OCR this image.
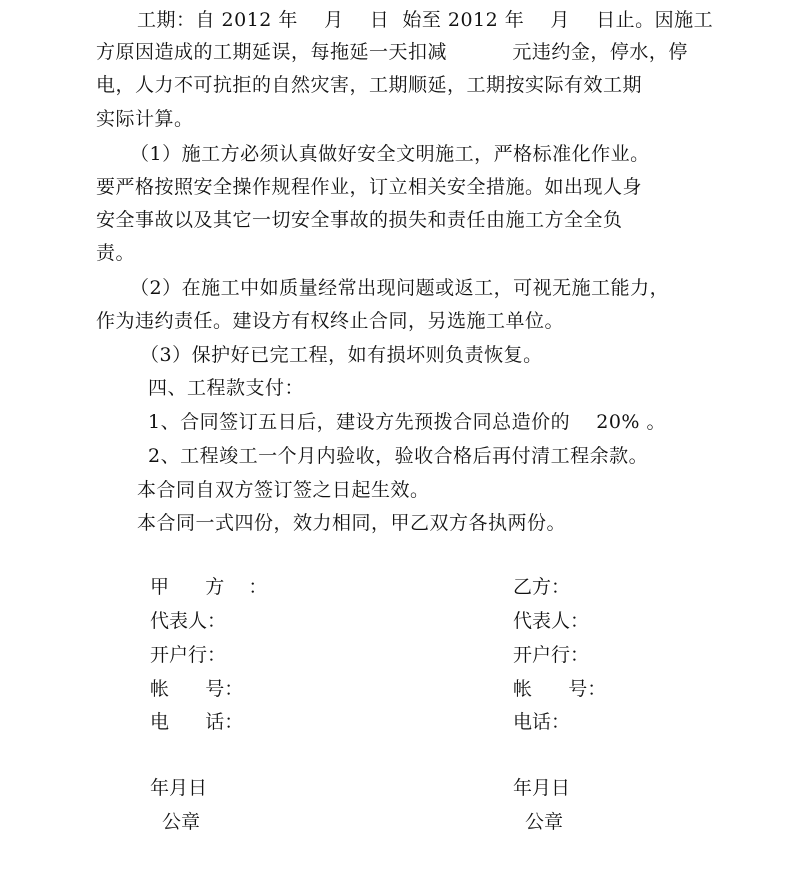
工期：自 2012 年    月    日  始至 2012 年    月    日止。因施工
方原因造成的工期延误，每拖延一天扣减          元违约金，停水，停
电，人力不可抗拒的自然灾害，工期顺延，工期按实际有效工期
实际计算。
（1）施工方必须认真做好安全文明施工，严格标准化作业。
要严格按照安全操作规程作业，订立相关安全措施。如出现人身
安全事故以及其它一切安全事故的损失和责任由施工方全全负
责。
（2）在施工中如质量经常出现问题或返工，可视无施工能力，
作为违约责任。建设方有权终止合同，另选施工单位。
（3）保护好已完工程，如有损坏则负责恢复。
四、工程款支付：
1、合同签订五日后，建设方先预拨合同总造价的    20% 。
2、工程竣工一个月内验收，验收合格后再付清工程余款。
本合同自双方签订签之日起生效。
本合同一式四份，效力相同，甲乙双方各执两份。
甲      方    ：
代表人：
开户行：
帐      号：
电      话：
年月日
公章
乙方：
代表人：
开户行：
帐      号：
电话：
年月日
公章
